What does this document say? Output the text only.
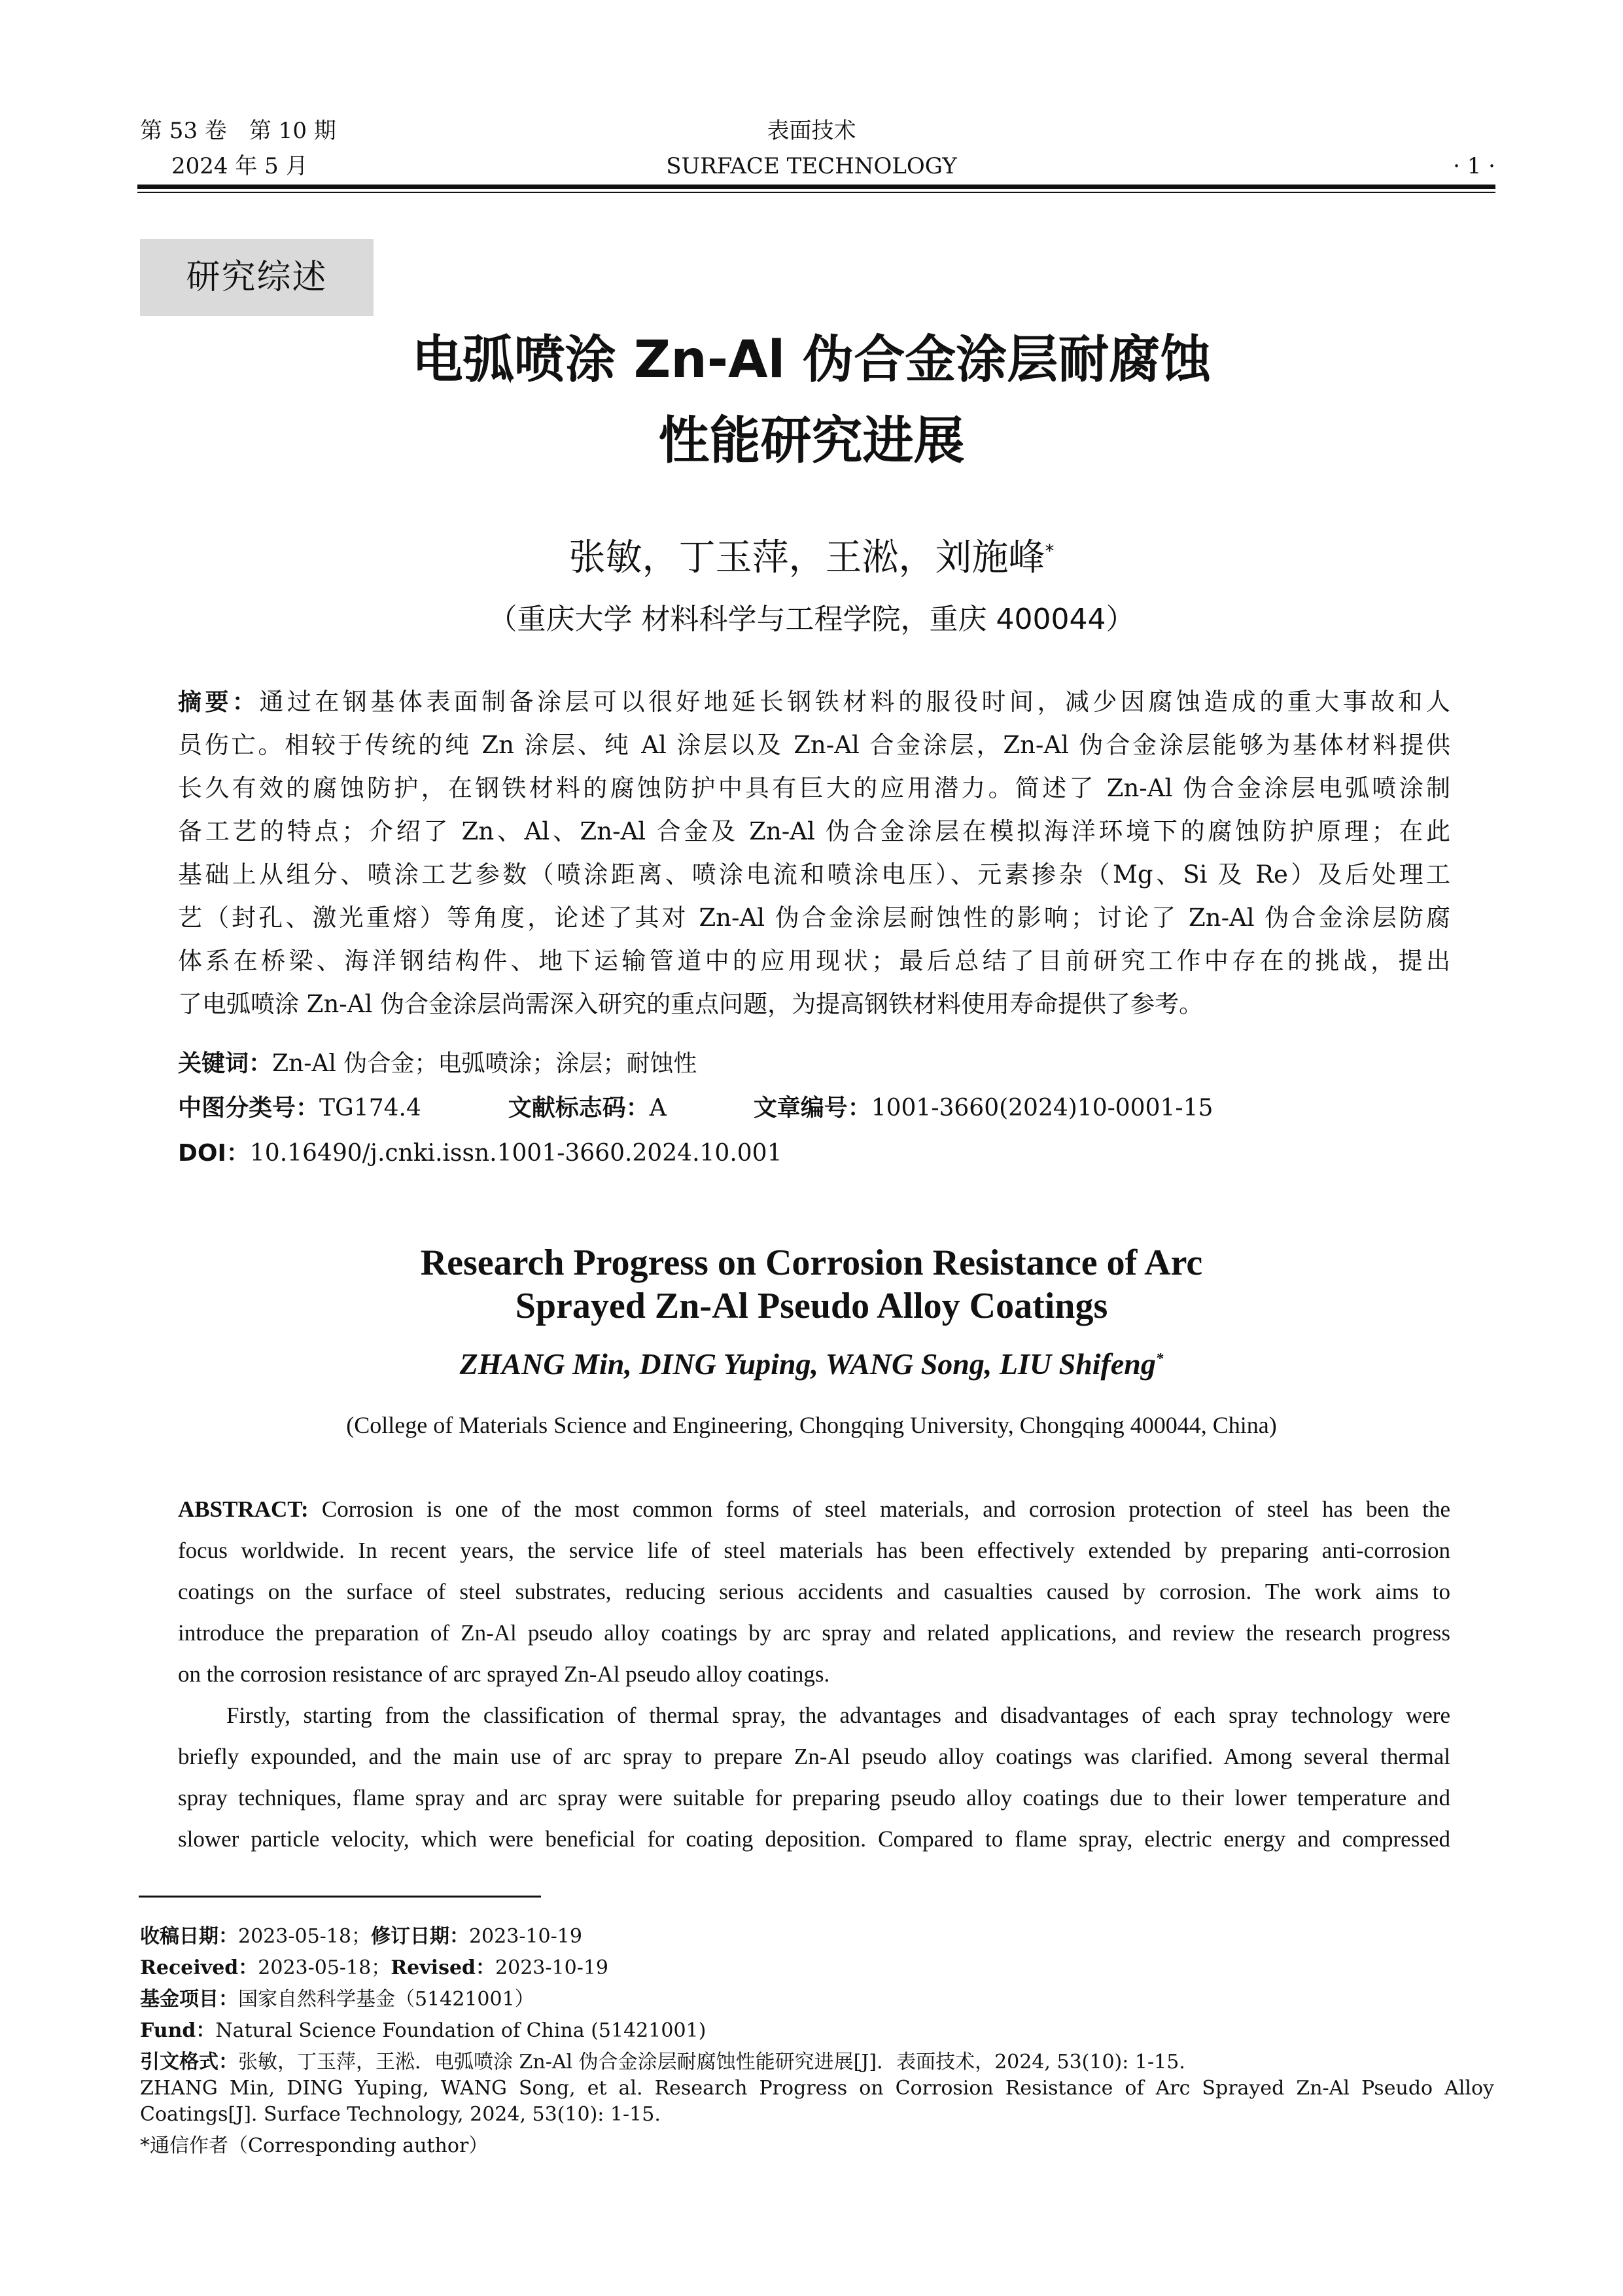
第 53 卷　第 10 期
2024 年 5 月
表面技术
SURFACE TECHNOLOGY	· 1 ·
研究综述
电弧喷涂 Zn-Al 伪合金涂层耐腐蚀
性能研究进展
张敏，丁玉萍，王淞，刘施峰*
（重庆大学 材料科学与工程学院，重庆 400044）
摘要：通过在钢基体表面制备涂层可以很好地延长钢铁材料的服役时间，减少因腐蚀造成的重大事故和人
员伤亡。相较于传统的纯 Zn 涂层、纯 Al 涂层以及 Zn-Al 合金涂层，Zn-Al 伪合金涂层能够为基体材料提供
长久有效的腐蚀防护，在钢铁材料的腐蚀防护中具有巨大的应用潜力。简述了 Zn-Al 伪合金涂层电弧喷涂制
备工艺的特点；介绍了 Zn、Al、Zn-Al 合金及 Zn-Al 伪合金涂层在模拟海洋环境下的腐蚀防护原理；在此
基础上从组分、喷涂工艺参数（喷涂距离、喷涂电流和喷涂电压）、元素掺杂（Mg、Si 及 Re）及后处理工
艺（封孔、激光重熔）等角度，论述了其对 Zn-Al 伪合金涂层耐蚀性的影响；讨论了 Zn-Al 伪合金涂层防腐
体系在桥梁、海洋钢结构件、地下运输管道中的应用现状；最后总结了目前研究工作中存在的挑战，提出
了电弧喷涂 Zn-Al 伪合金涂层尚需深入研究的重点问题，为提高钢铁材料使用寿命提供了参考。
关键词：Zn-Al 伪合金；电弧喷涂；涂层；耐蚀性
中图分类号：TG174.4	文献标志码：A	文章编号：1001-3660(2024)10-0001-15
DOI：10.16490/j.cnki.issn.1001-3660.2024.10.001
Research Progress on Corrosion Resistance of Arc
Sprayed Zn-Al Pseudo Alloy Coatings
ZHANG Min, DING Yuping, WANG Song, LIU Shifeng*
(College of Materials Science and Engineering, Chongqing University, Chongqing 400044, China)
ABSTRACT: Corrosion is one of the most common forms of steel materials, and corrosion protection of steel has been the
focus worldwide. In recent years, the service life of steel materials has been effectively extended by preparing anti-corrosion
coatings on the surface of steel substrates, reducing serious accidents and casualties caused by corrosion. The work aims to
introduce the preparation of Zn-Al pseudo alloy coatings by arc spray and related applications, and review the research progress
on the corrosion resistance of arc sprayed Zn-Al pseudo alloy coatings.
Firstly, starting from the classification of thermal spray, the advantages and disadvantages of each spray technology were
briefly expounded, and the main use of arc spray to prepare Zn-Al pseudo alloy coatings was clarified. Among several thermal
spray techniques, flame spray and arc spray were suitable for preparing pseudo alloy coatings due to their lower temperature and
slower particle velocity, which were beneficial for coating deposition. Compared to flame spray, electric energy and compressed
收稿日期：2023-05-18；修订日期：2023-10-19
Received：2023-05-18；Revised：2023-10-19
基金项目：国家自然科学基金（51421001）
Fund：Natural Science Foundation of China (51421001)
引文格式：张敏，丁玉萍，王淞．电弧喷涂 Zn-Al 伪合金涂层耐腐蚀性能研究进展[J]．表面技术，2024, 53(10): 1-15.
ZHANG Min, DING Yuping, WANG Song, et al. Research Progress on Corrosion Resistance of Arc Sprayed Zn-Al Pseudo Alloy Coatings[J]. Surface Technology, 2024, 53(10): 1-15.
*通信作者（Corresponding author）
